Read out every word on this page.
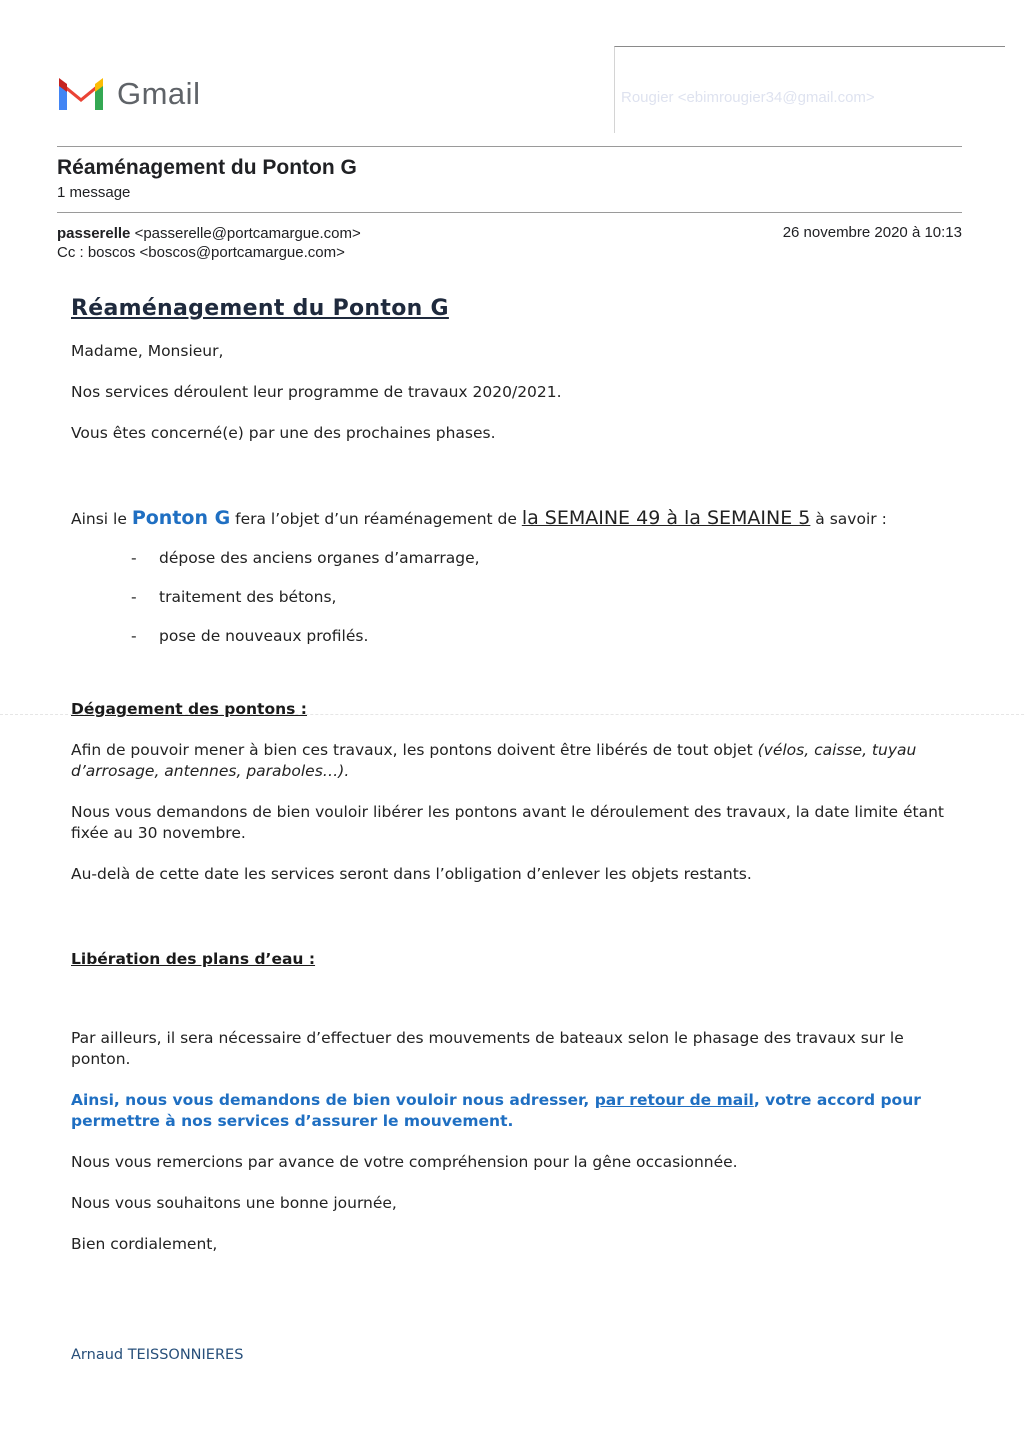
Gmail	Rougier <ebimrougier34@gmail.com>
Réaménagement du Ponton G
1 message
passerelle <passerelle@portcamargue.com>
Cc : boscos <boscos@portcamargue.com>
26 novembre 2020 à 10:13

Réaménagement du Ponton G

Madame, Monsieur,

Nos services déroulent leur programme de travaux 2020/2021.

Vous êtes concerné(e) par une des prochaines phases.

Ainsi le Ponton G fera l’objet d’un réaménagement de la SEMAINE 49 à la SEMAINE 5 à savoir :

- dépose des anciens organes d’amarrage,
- traitement des bétons,
- pose de nouveaux profilés.

Dégagement des pontons :

Afin de pouvoir mener à bien ces travaux, les pontons doivent être libérés de tout objet (vélos, caisse, tuyau d’arrosage, antennes, paraboles…).

Nous vous demandons de bien vouloir libérer les pontons avant le déroulement des travaux, la date limite étant fixée au 30 novembre.

Au-delà de cette date les services seront dans l’obligation d’enlever les objets restants.

Libération des plans d’eau :

Par ailleurs, il sera nécessaire d’effectuer des mouvements de bateaux selon le phasage des travaux sur le ponton.

Ainsi, nous vous demandons de bien vouloir nous adresser, par retour de mail, votre accord pour permettre à nos services d’assurer le mouvement.

Nous vous remercions par avance de votre compréhension pour la gêne occasionnée.

Nous vous souhaitons une bonne journée,

Bien cordialement,

Arnaud TEISSONNIERES
